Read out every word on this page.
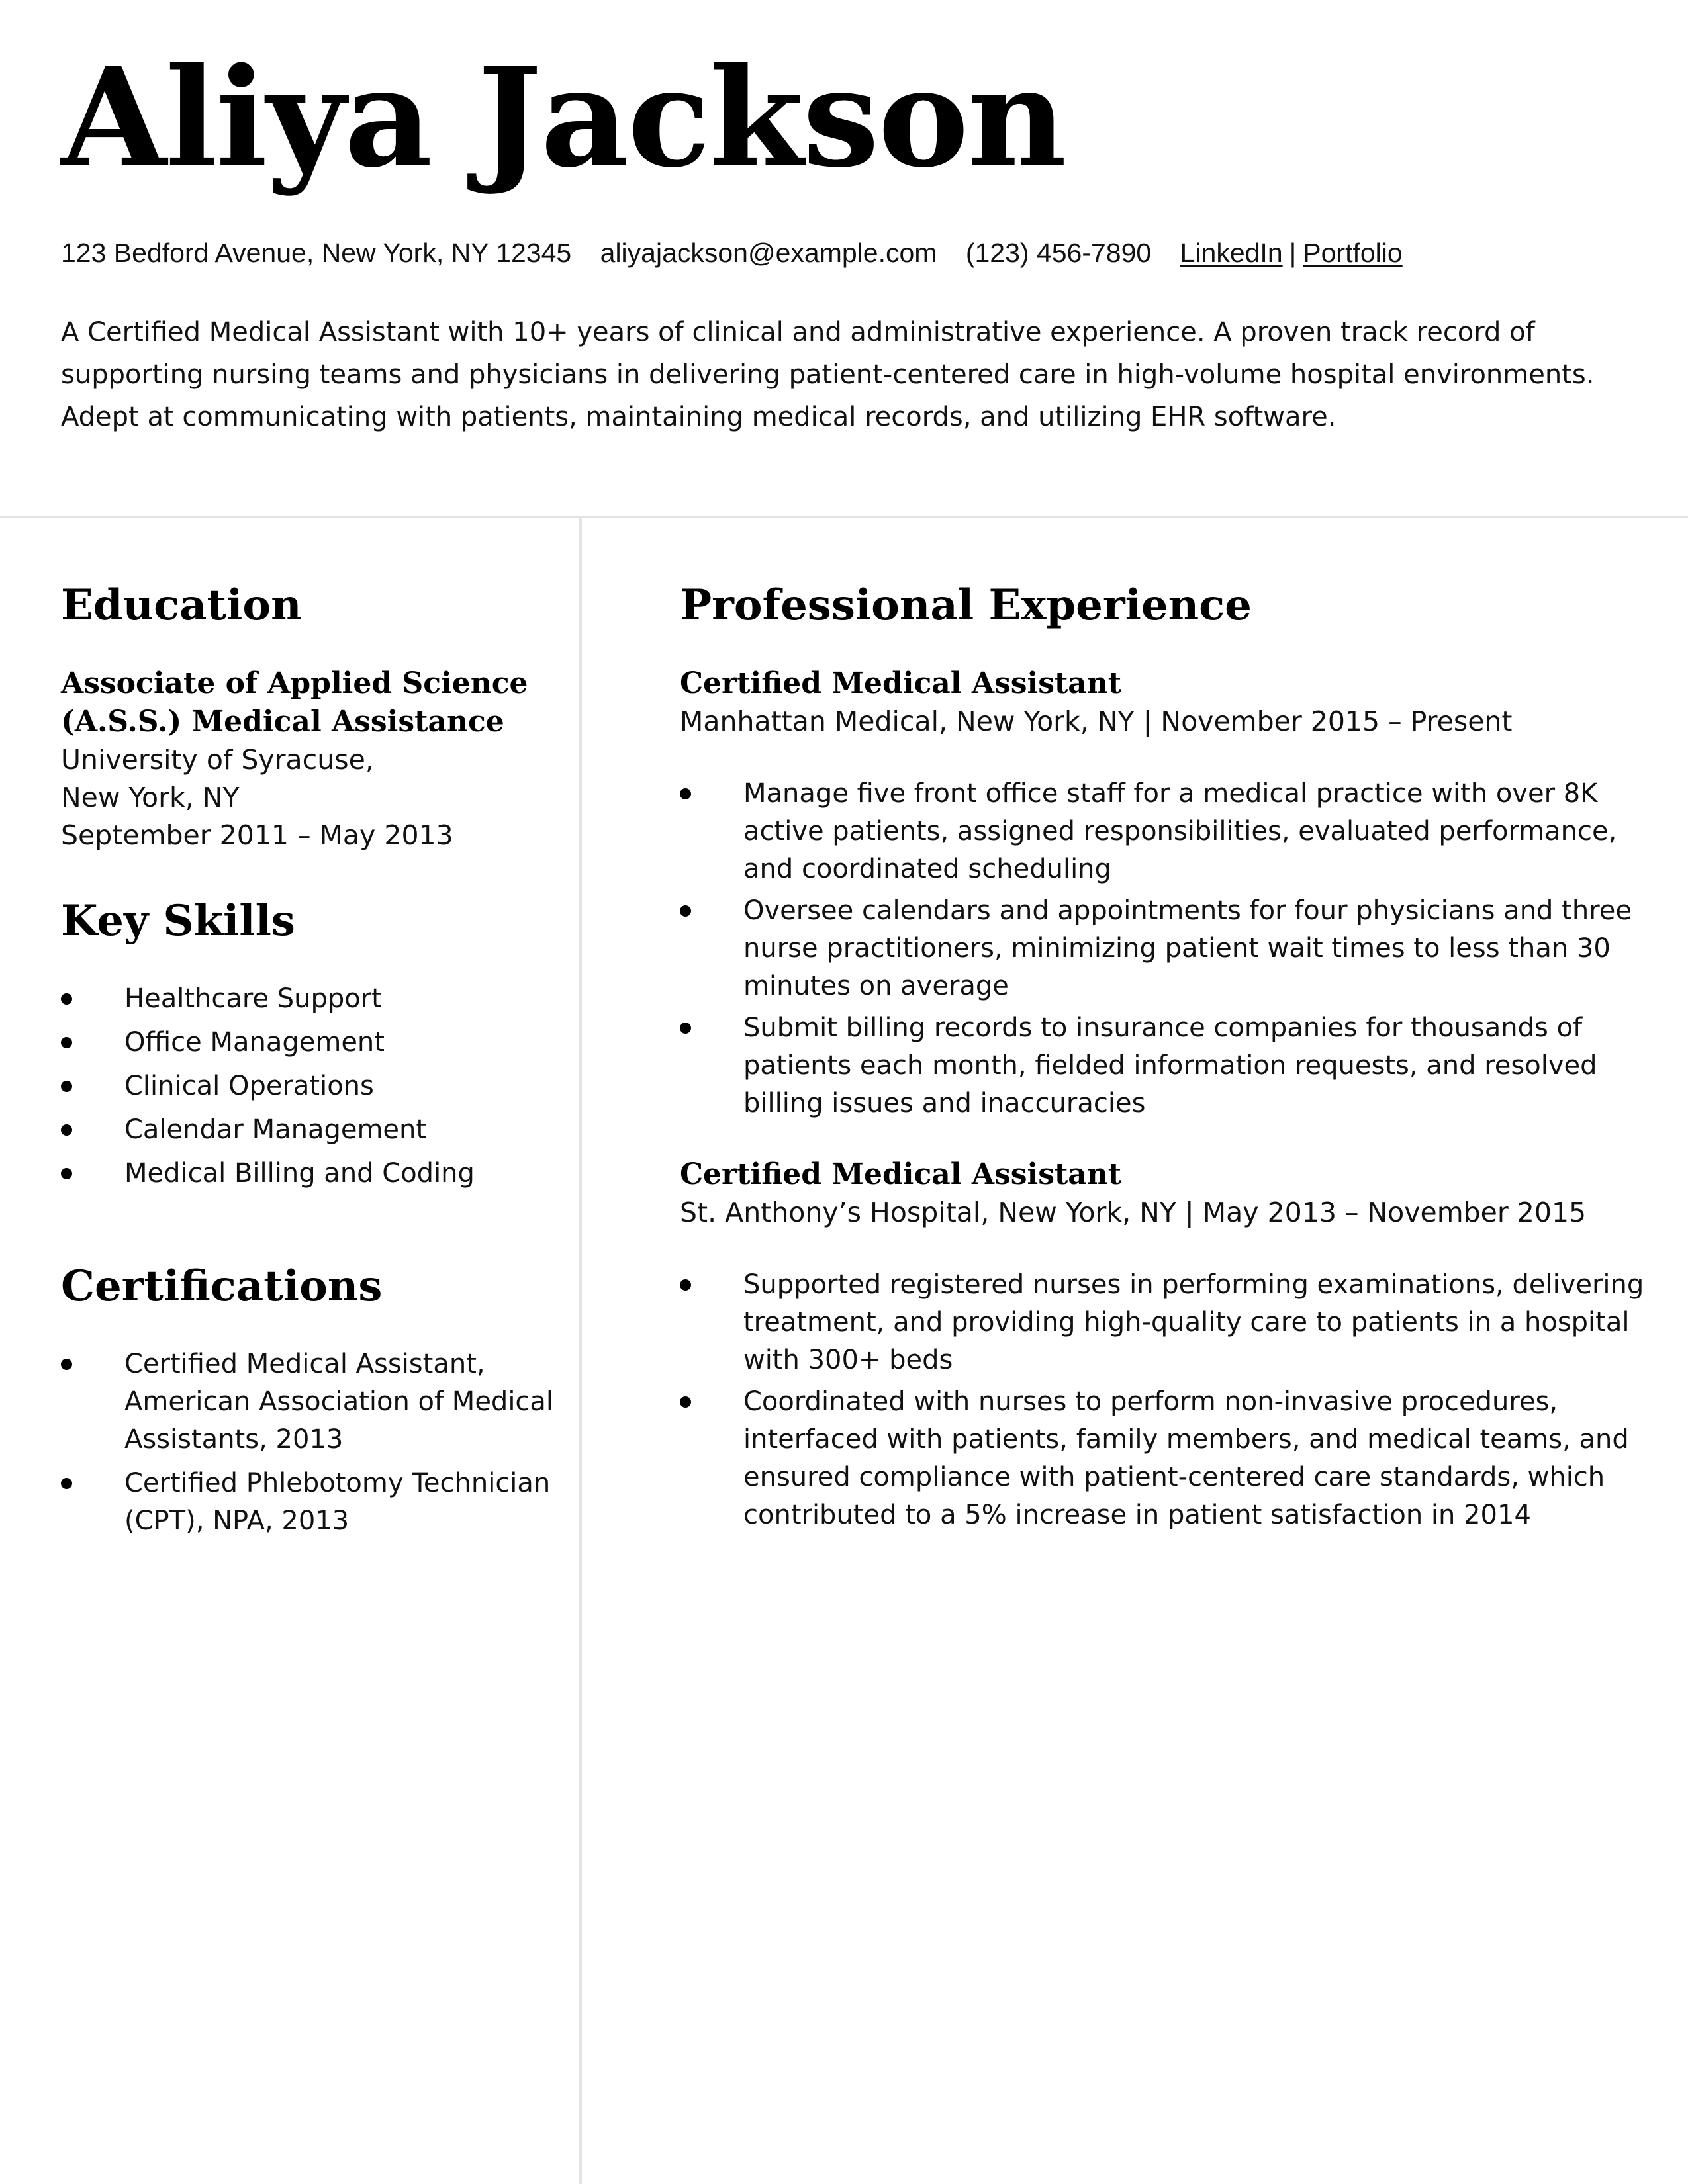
Aliya Jackson
123 Bedford Avenue, New York, NY 12345 aliyajackson@example.com (123) 456-7890 LinkedIn | Portfolio

A Certified Medical Assistant with 10+ years of clinical and administrative experience. A proven track record of supporting nursing teams and physicians in delivering patient-centered care in high-volume hospital environments. Adept at communicating with patients, maintaining medical records, and utilizing EHR software.

Education
Associate of Applied Science
(A.S.S.) Medical Assistance

University of Syracuse,

New York, NY

September 2011 – May 2013

Key Skills
Healthcare Support
Office Management
Clinical Operations
Calendar Management
Medical Billing and Coding
Certifications
Certified Medical Assistant, American Association of Medical Assistants, 2013
Certified Phlebotomy Technician (CPT), NPA, 2013
Professional Experience
Certified Medical Assistant

Manhattan Medical, New York, NY | November 2015 – Present

Manage five front office staff for a medical practice with over 8K active patients, assigned responsibilities, evaluated performance, and coordinated scheduling
Oversee calendars and appointments for four physicians and three nurse practitioners, minimizing patient wait times to less than 30 minutes on average
Submit billing records to insurance companies for thousands of patients each month, fielded information requests, and resolved billing issues and inaccuracies
Certified Medical Assistant

St. Anthony’s Hospital, New York, NY | May 2013 – November 2015

Supported registered nurses in performing examinations, delivering treatment, and providing high-quality care to patients in a hospital with 300+ beds
Coordinated with nurses to perform non-invasive procedures, interfaced with patients, family members, and medical teams, and ensured compliance with patient-centered care standards, which contributed to a 5% increase in patient satisfaction in 2014
